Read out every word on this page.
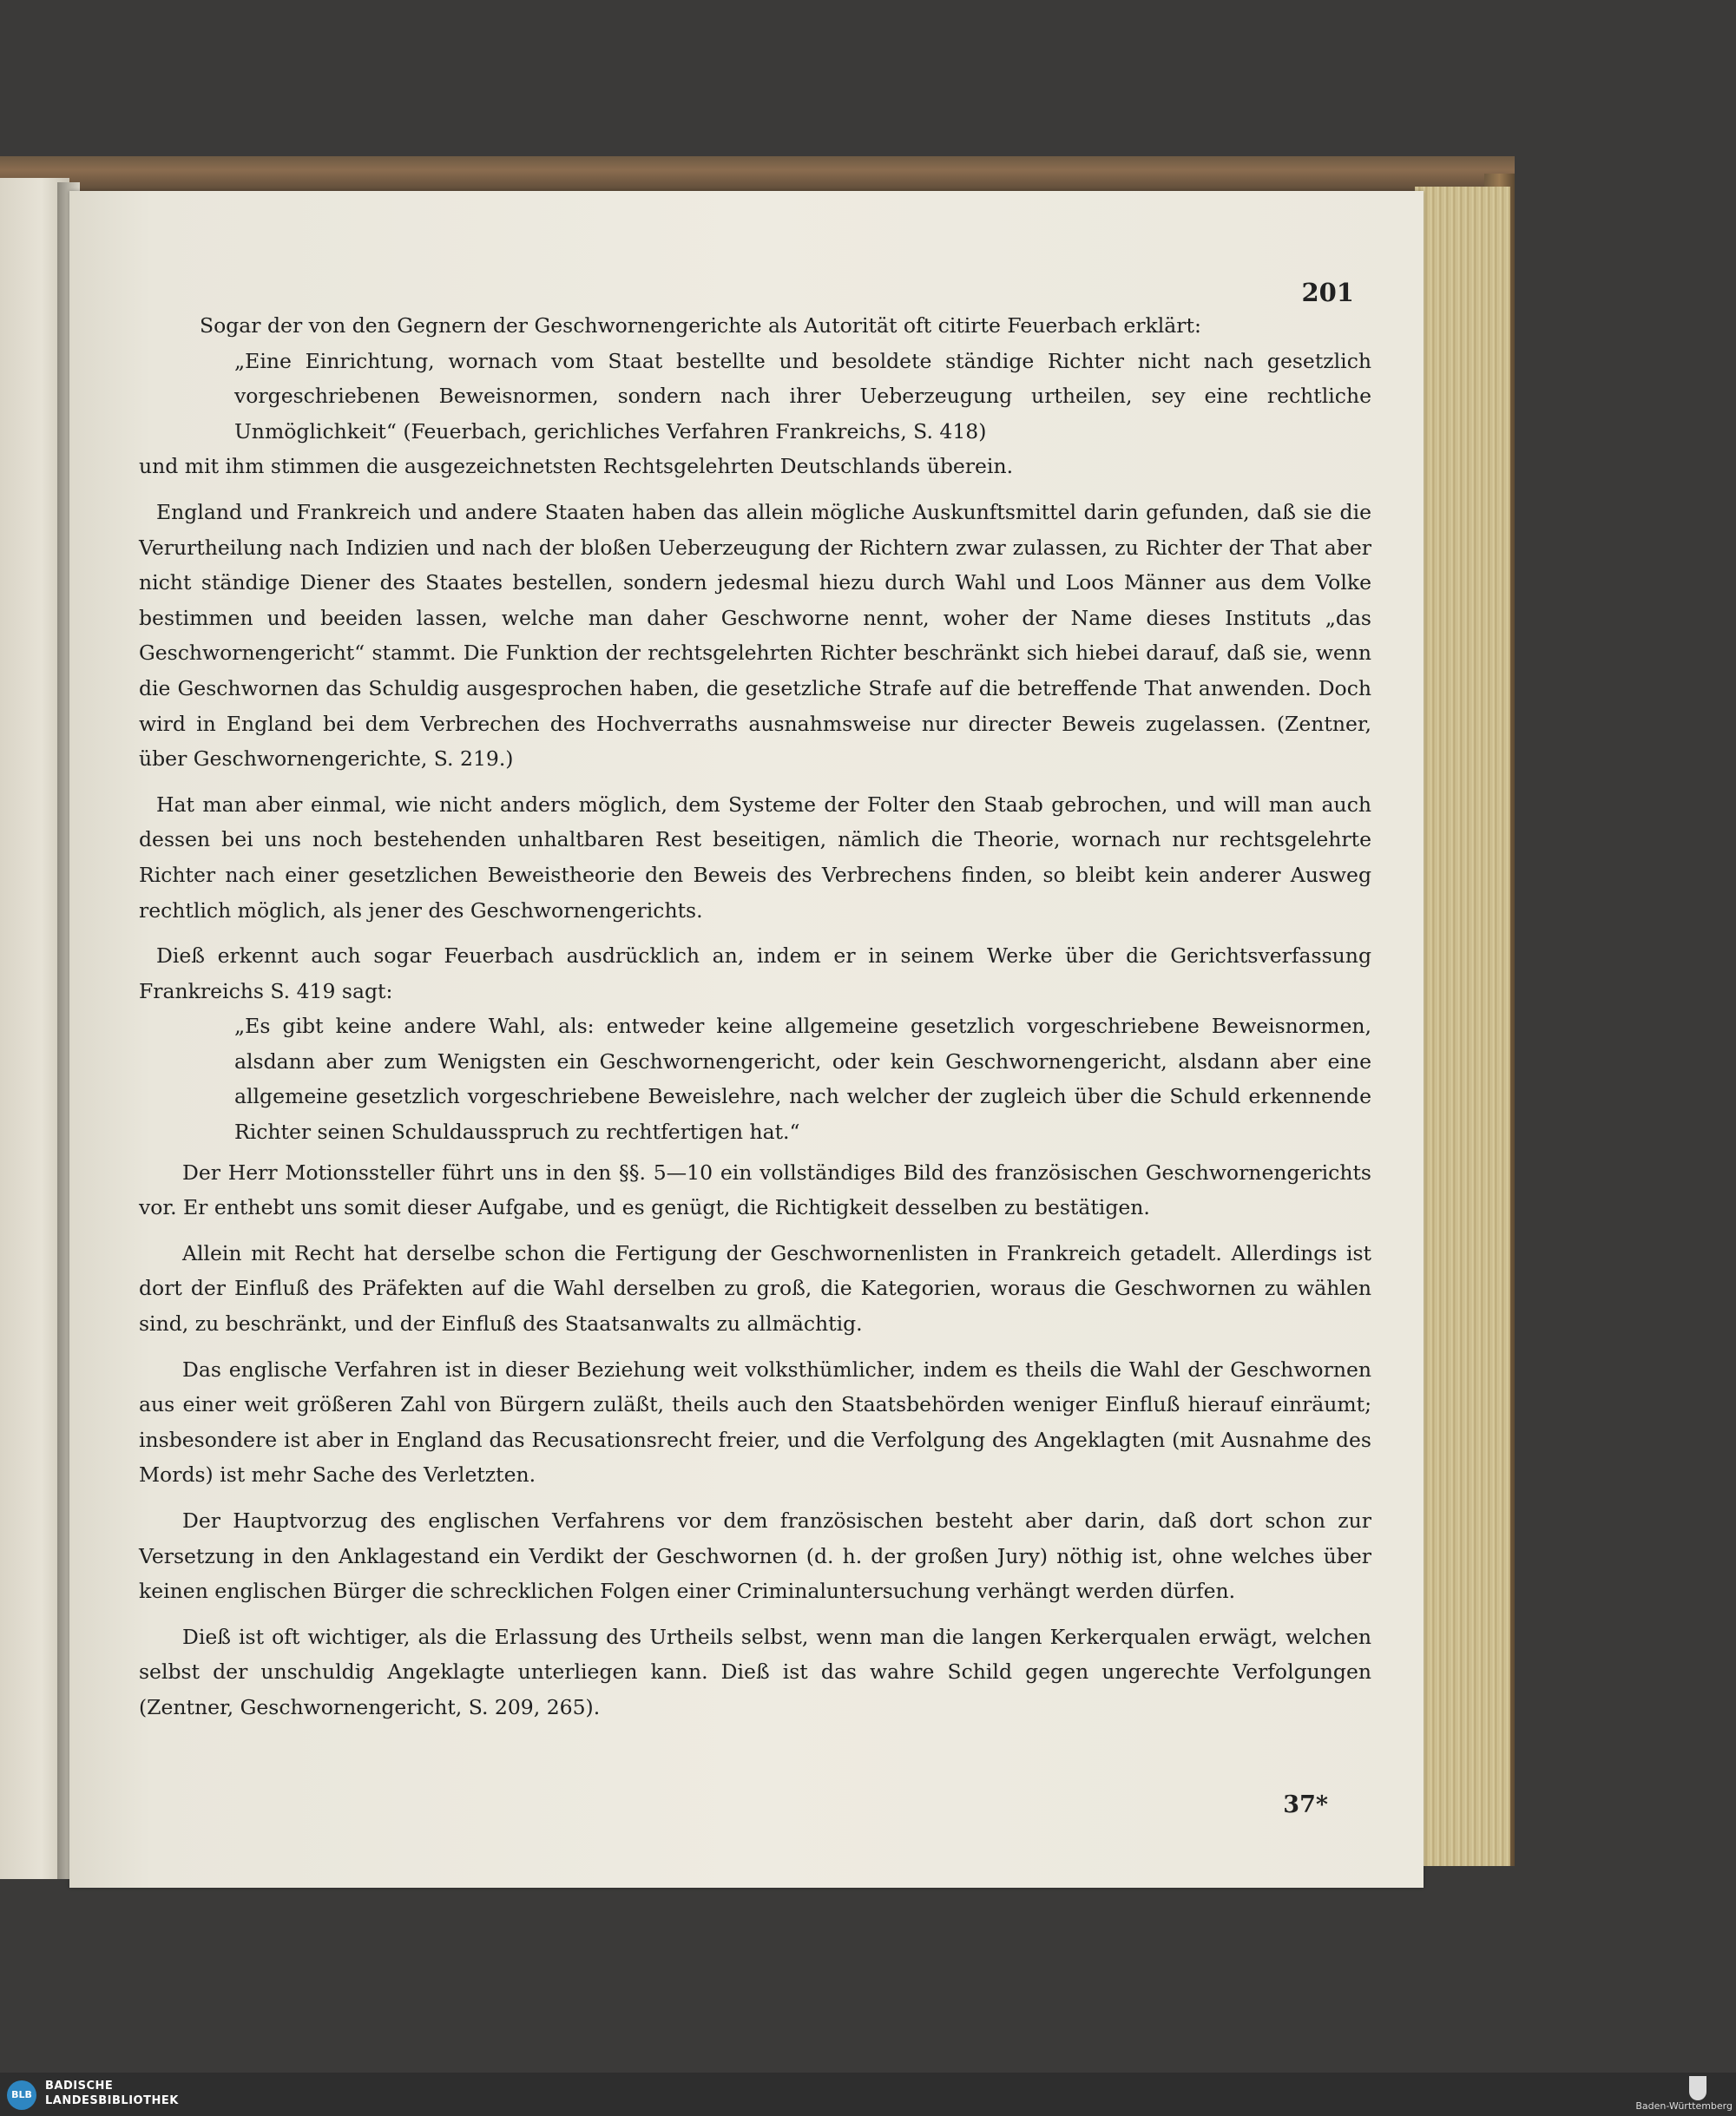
201

Sogar der von den Gegnern der Geschwornengerichte als Autorität oft citirte Feuerbach erklärt:

„Eine Einrichtung, wornach vom Staat bestellte und besoldete ständige Richter nicht nach gesetzlich vorgeschriebenen Beweisnormen, sondern nach ihrer Ueberzeugung urtheilen, sey eine rechtliche Unmöglichkeit“ (Feuerbach, gerichliches Verfahren Frankreichs, S. 418)

und mit ihm stimmen die ausgezeichnetsten Rechtsgelehrten Deutschlands überein.

England und Frankreich und andere Staaten haben das allein mögliche Auskunftsmittel darin gefunden, daß sie die Verurtheilung nach Indizien und nach der bloßen Ueberzeugung der Richtern zwar zulassen, zu Richter der That aber nicht ständige Diener des Staates bestellen, sondern jedesmal hiezu durch Wahl und Loos Männer aus dem Volke bestimmen und beeiden lassen, welche man daher Geschworne nennt, woher der Name dieses Instituts „das Geschwornengericht“ stammt. Die Funktion der rechtsgelehrten Richter beschränkt sich hiebei darauf, daß sie, wenn die Geschwornen das Schuldig ausgesprochen haben, die gesetzliche Strafe auf die betreffende That anwenden. Doch wird in England bei dem Verbrechen des Hochverraths ausnahmsweise nur directer Beweis zugelassen. (Zentner, über Geschwornengerichte, S. 219.)

Hat man aber einmal, wie nicht anders möglich, dem Systeme der Folter den Staab gebrochen, und will man auch dessen bei uns noch bestehenden unhaltbaren Rest beseitigen, nämlich die Theorie, wornach nur rechtsgelehrte Richter nach einer gesetzlichen Beweistheorie den Beweis des Verbrechens finden, so bleibt kein anderer Ausweg rechtlich möglich, als jener des Geschwornengerichts.

Dieß erkennt auch sogar Feuerbach ausdrücklich an, indem er in seinem Werke über die Gerichtsverfassung Frankreichs S. 419 sagt:

„Es gibt keine andere Wahl, als: entweder keine allgemeine gesetzlich vorgeschriebene Beweisnormen, alsdann aber zum Wenigsten ein Geschwornengericht, oder kein Geschwornengericht, alsdann aber eine allgemeine gesetzlich vorgeschriebene Beweislehre, nach welcher der zugleich über die Schuld erkennende Richter seinen Schuldausspruch zu rechtfertigen hat.“

Der Herr Motionssteller führt uns in den §§. 5—10 ein vollständiges Bild des französischen Geschwornengerichts vor. Er enthebt uns somit dieser Aufgabe, und es genügt, die Richtigkeit desselben zu bestätigen.

Allein mit Recht hat derselbe schon die Fertigung der Geschwornenlisten in Frankreich getadelt. Allerdings ist dort der Einfluß des Präfekten auf die Wahl derselben zu groß, die Kategorien, woraus die Geschwornen zu wählen sind, zu beschränkt, und der Einfluß des Staatsanwalts zu allmächtig.

Das englische Verfahren ist in dieser Beziehung weit volksthümlicher, indem es theils die Wahl der Geschwornen aus einer weit größeren Zahl von Bürgern zuläßt, theils auch den Staatsbehörden weniger Einfluß hierauf einräumt; insbesondere ist aber in England das Recusationsrecht freier, und die Verfolgung des Angeklagten (mit Ausnahme des Mords) ist mehr Sache des Verletzten.

Der Hauptvorzug des englischen Verfahrens vor dem französischen besteht aber darin, daß dort schon zur Versetzung in den Anklagestand ein Verdikt der Geschwornen (d. h. der großen Jury) nöthig ist, ohne welches über keinen englischen Bürger die schrecklichen Folgen einer Criminaluntersuchung verhängt werden dürfen.

Dieß ist oft wichtiger, als die Erlassung des Urtheils selbst, wenn man die langen Kerkerqualen erwägt, welchen selbst der unschuldig Angeklagte unterliegen kann. Dieß ist das wahre Schild gegen ungerechte Verfolgungen (Zentner, Geschwornengericht, S. 209, 265).

37*
BLB
BADISCHE
LANDESBIBLIOTHEK	Baden-Württemberg
